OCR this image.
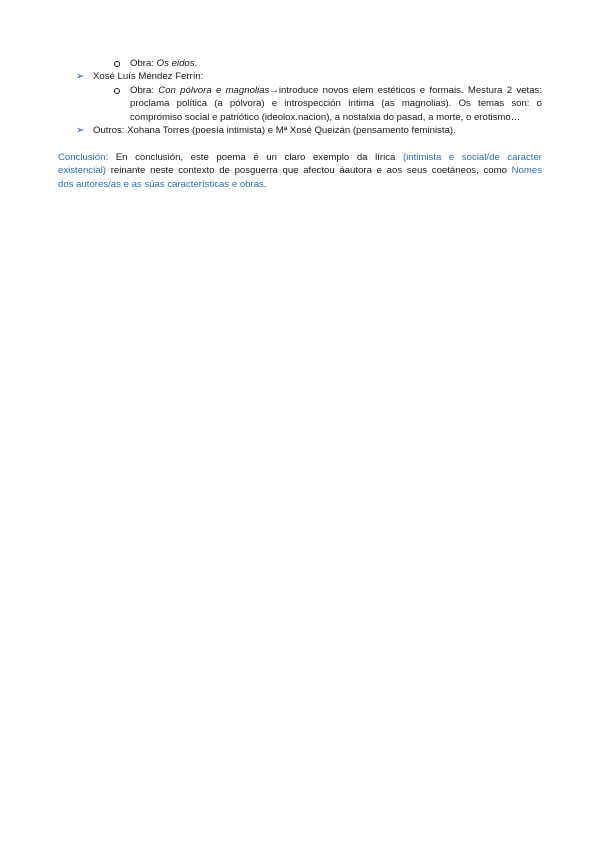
Obra: Os eidos.
➢ Xosé Luís Méndez Ferrín:
Obra: Con pólvora e magnolias→introduce novos elem estéticos e formais. Mestura 2 vetas:
proclama política (a pólvora) e introspección íntima (as magnolias). Os temas son: o
compromiso social e patriótico (ideolox.nacion), a nostalxia do pasad, a morte, o erotismo…
➢ Outros: Xohana Torres (poesía intimista) e Mª Xosé Queizán (pensamento feminista).
Conclusión: En conclusión, este poema é un claro exemplo da lírica (intimista e social/de caracter
existencial) reinante neste contexto de posguerra que afectou áautora e aos seus coetáneos, como Nomes
dos autores/as e as súas características e obras.
